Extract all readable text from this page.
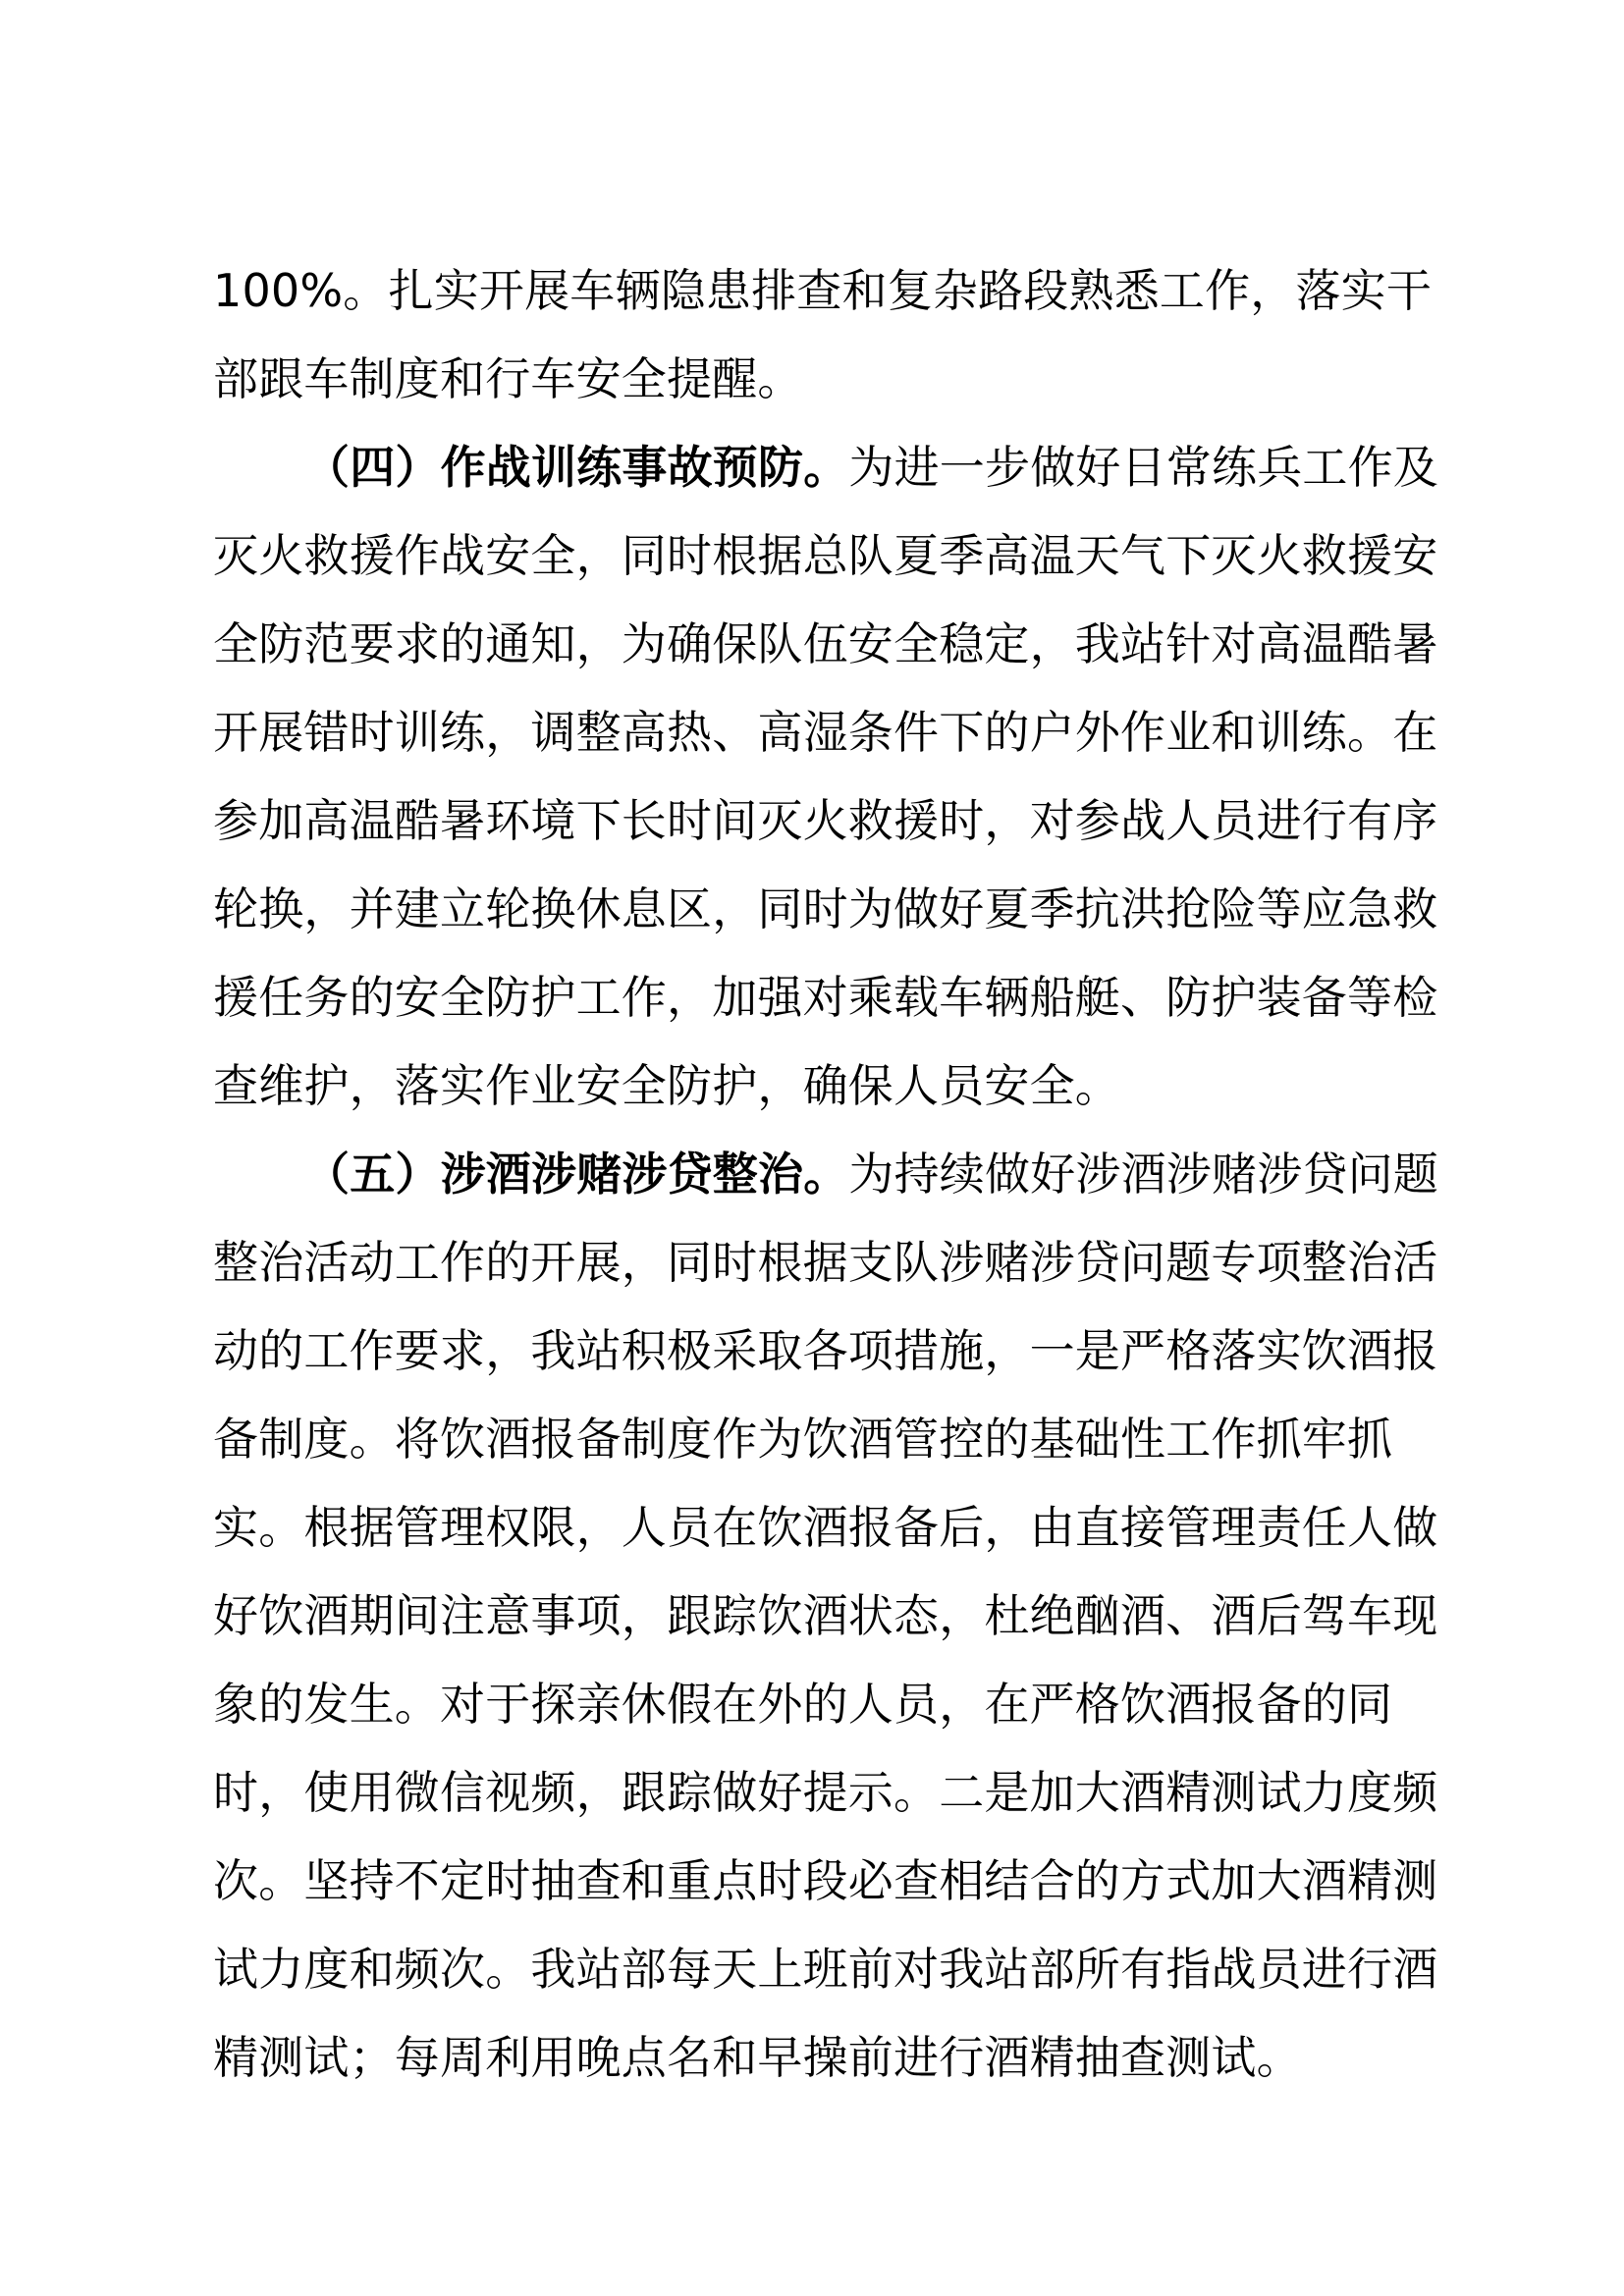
100%。扎实开展车辆隐患排查和复杂路段熟悉工作，落实干
部跟车制度和行车安全提醒。
（四）作战训练事故预防。为进一步做好日常练兵工作及
灭火救援作战安全，同时根据总队夏季高温天气下灭火救援安
全防范要求的通知，为确保队伍安全稳定，我站针对高温酷暑
开展错时训练，调整高热、高湿条件下的户外作业和训练。在
参加高温酷暑环境下长时间灭火救援时，对参战人员进行有序
轮换，并建立轮换休息区，同时为做好夏季抗洪抢险等应急救
援任务的安全防护工作，加强对乘载车辆船艇、防护装备等检
查维护，落实作业安全防护，确保人员安全。
（五）涉酒涉赌涉贷整治。为持续做好涉酒涉赌涉贷问题
整治活动工作的开展，同时根据支队涉赌涉贷问题专项整治活
动的工作要求，我站积极采取各项措施，一是严格落实饮酒报
备制度。将饮酒报备制度作为饮酒管控的基础性工作抓牢抓
实。根据管理权限，人员在饮酒报备后，由直接管理责任人做
好饮酒期间注意事项，跟踪饮酒状态，杜绝酗酒、酒后驾车现
象的发生。对于探亲休假在外的人员，在严格饮酒报备的同
时，使用微信视频，跟踪做好提示。二是加大酒精测试力度频
次。坚持不定时抽查和重点时段必查相结合的方式加大酒精测
试力度和频次。我站部每天上班前对我站部所有指战员进行酒
精测试；每周利用晚点名和早操前进行酒精抽查测试。
